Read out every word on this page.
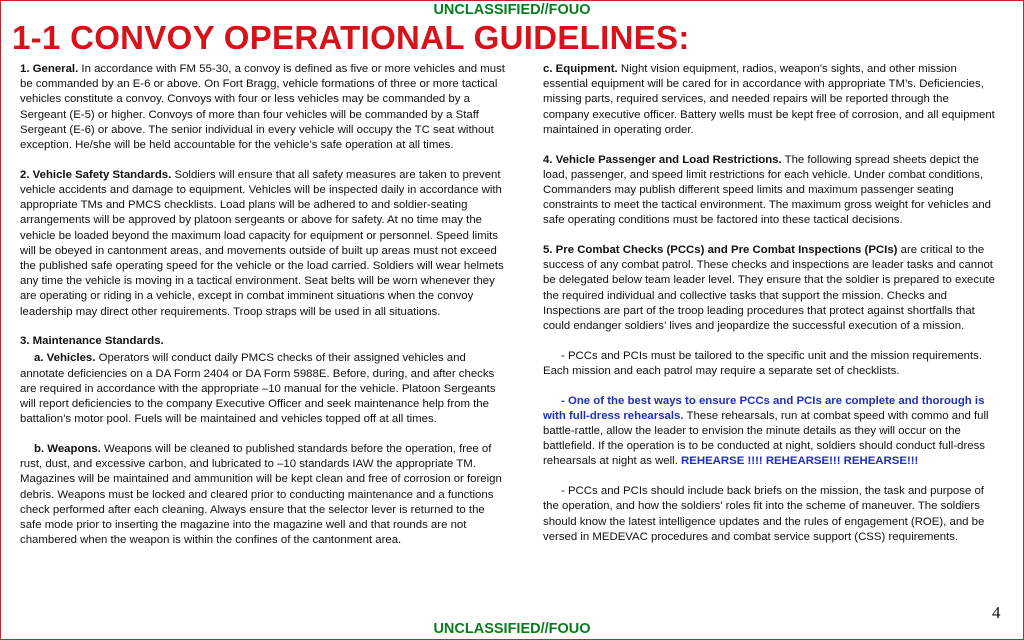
UNCLASSIFIED//FOUO
1-1 CONVOY OPERATIONAL GUIDELINES:

1. General. In accordance with FM 55-30, a convoy is defined as five or more vehicles and must be commanded by an E-6 or above. On Fort Bragg, vehicle formations of three or more tactical vehicles constitute a convoy. Convoys with four or less vehicles may be commanded by a Sergeant (E-5) or higher. Convoys of more than four vehicles will be commanded by a Staff Sergeant (E-6) or above. The senior individual in every vehicle will occupy the TC seat without exception. He/she will be held accountable for the vehicle’s safe operation at all times.

2. Vehicle Safety Standards. Soldiers will ensure that all safety measures are taken to prevent vehicle accidents and damage to equipment. Vehicles will be inspected daily in accordance with appropriate TMs and PMCS checklists. Load plans will be adhered to and soldier-seating arrangements will be approved by platoon sergeants or above for safety. At no time may the vehicle be loaded beyond the maximum load capacity for equipment or personnel. Speed limits will be obeyed in cantonment areas, and movements outside of built up areas must not exceed the published safe operating speed for the vehicle or the load carried. Soldiers will wear helmets any time the vehicle is moving in a tactical environment. Seat belts will be worn whenever they are operating or riding in a vehicle, except in combat imminent situations when the convoy leadership may direct other requirements. Troop straps will be used in all situations.

3. Maintenance Standards.

a. Vehicles. Operators will conduct daily PMCS checks of their assigned vehicles and annotate deficiencies on a DA Form 2404 or DA Form 5988E. Before, during, and after checks are required in accordance with the appropriate –10 manual for the vehicle. Platoon Sergeants will report deficiencies to the company Executive Officer and seek maintenance help from the battalion’s motor pool. Fuels will be maintained and vehicles topped off at all times.

b. Weapons. Weapons will be cleaned to published standards before the operation, free of rust, dust, and excessive carbon, and lubricated to –10 standards IAW the appropriate TM. Magazines will be maintained and ammunition will be kept clean and free of corrosion or foreign debris. Weapons must be locked and cleared prior to conducting maintenance and a functions check performed after each cleaning. Always ensure that the selector lever is returned to the safe mode prior to inserting the magazine into the magazine well and that rounds are not chambered when the weapon is within the confines of the cantonment area.

c. Equipment. Night vision equipment, radios, weapon’s sights, and other mission essential equipment will be cared for in accordance with appropriate TM’s. Deficiencies, missing parts, required services, and needed repairs will be reported through the company executive officer. Battery wells must be kept free of corrosion, and all equipment maintained in operating order.

4. Vehicle Passenger and Load Restrictions. The following spread sheets depict the load, passenger, and speed limit restrictions for each vehicle. Under combat conditions, Commanders may publish different speed limits and maximum passenger seating constraints to meet the tactical environment. The maximum gross weight for vehicles and safe operating conditions must be factored into these tactical decisions.

5. Pre Combat Checks (PCCs) and Pre Combat Inspections (PCIs) are critical to the success of any combat patrol. These checks and inspections are leader tasks and cannot be delegated below team leader level. They ensure that the soldier is prepared to execute the required individual and collective tasks that support the mission. Checks and Inspections are part of the troop leading procedures that protect against shortfalls that could endanger soldiers’ lives and jeopardize the successful execution of a mission.

- PCCs and PCIs must be tailored to the specific unit and the mission requirements. Each mission and each patrol may require a separate set of checklists.

- One of the best ways to ensure PCCs and PCIs are complete and thorough is with full-dress rehearsals. These rehearsals, run at combat speed with commo and full battle-rattle, allow the leader to envision the minute details as they will occur on the battlefield. If the operation is to be conducted at night, soldiers should conduct full-dress rehearsals at night as well. REHEARSE !!!! REHEARSE!!! REHEARSE!!!

- PCCs and PCIs should include back briefs on the mission, the task and purpose of the operation, and how the soldiers’ roles fit into the scheme of maneuver. The soldiers should know the latest intelligence updates and the rules of engagement (ROE), and be versed in MEDEVAC procedures and combat service support (CSS) requirements.

4
UNCLASSIFIED//FOUO
